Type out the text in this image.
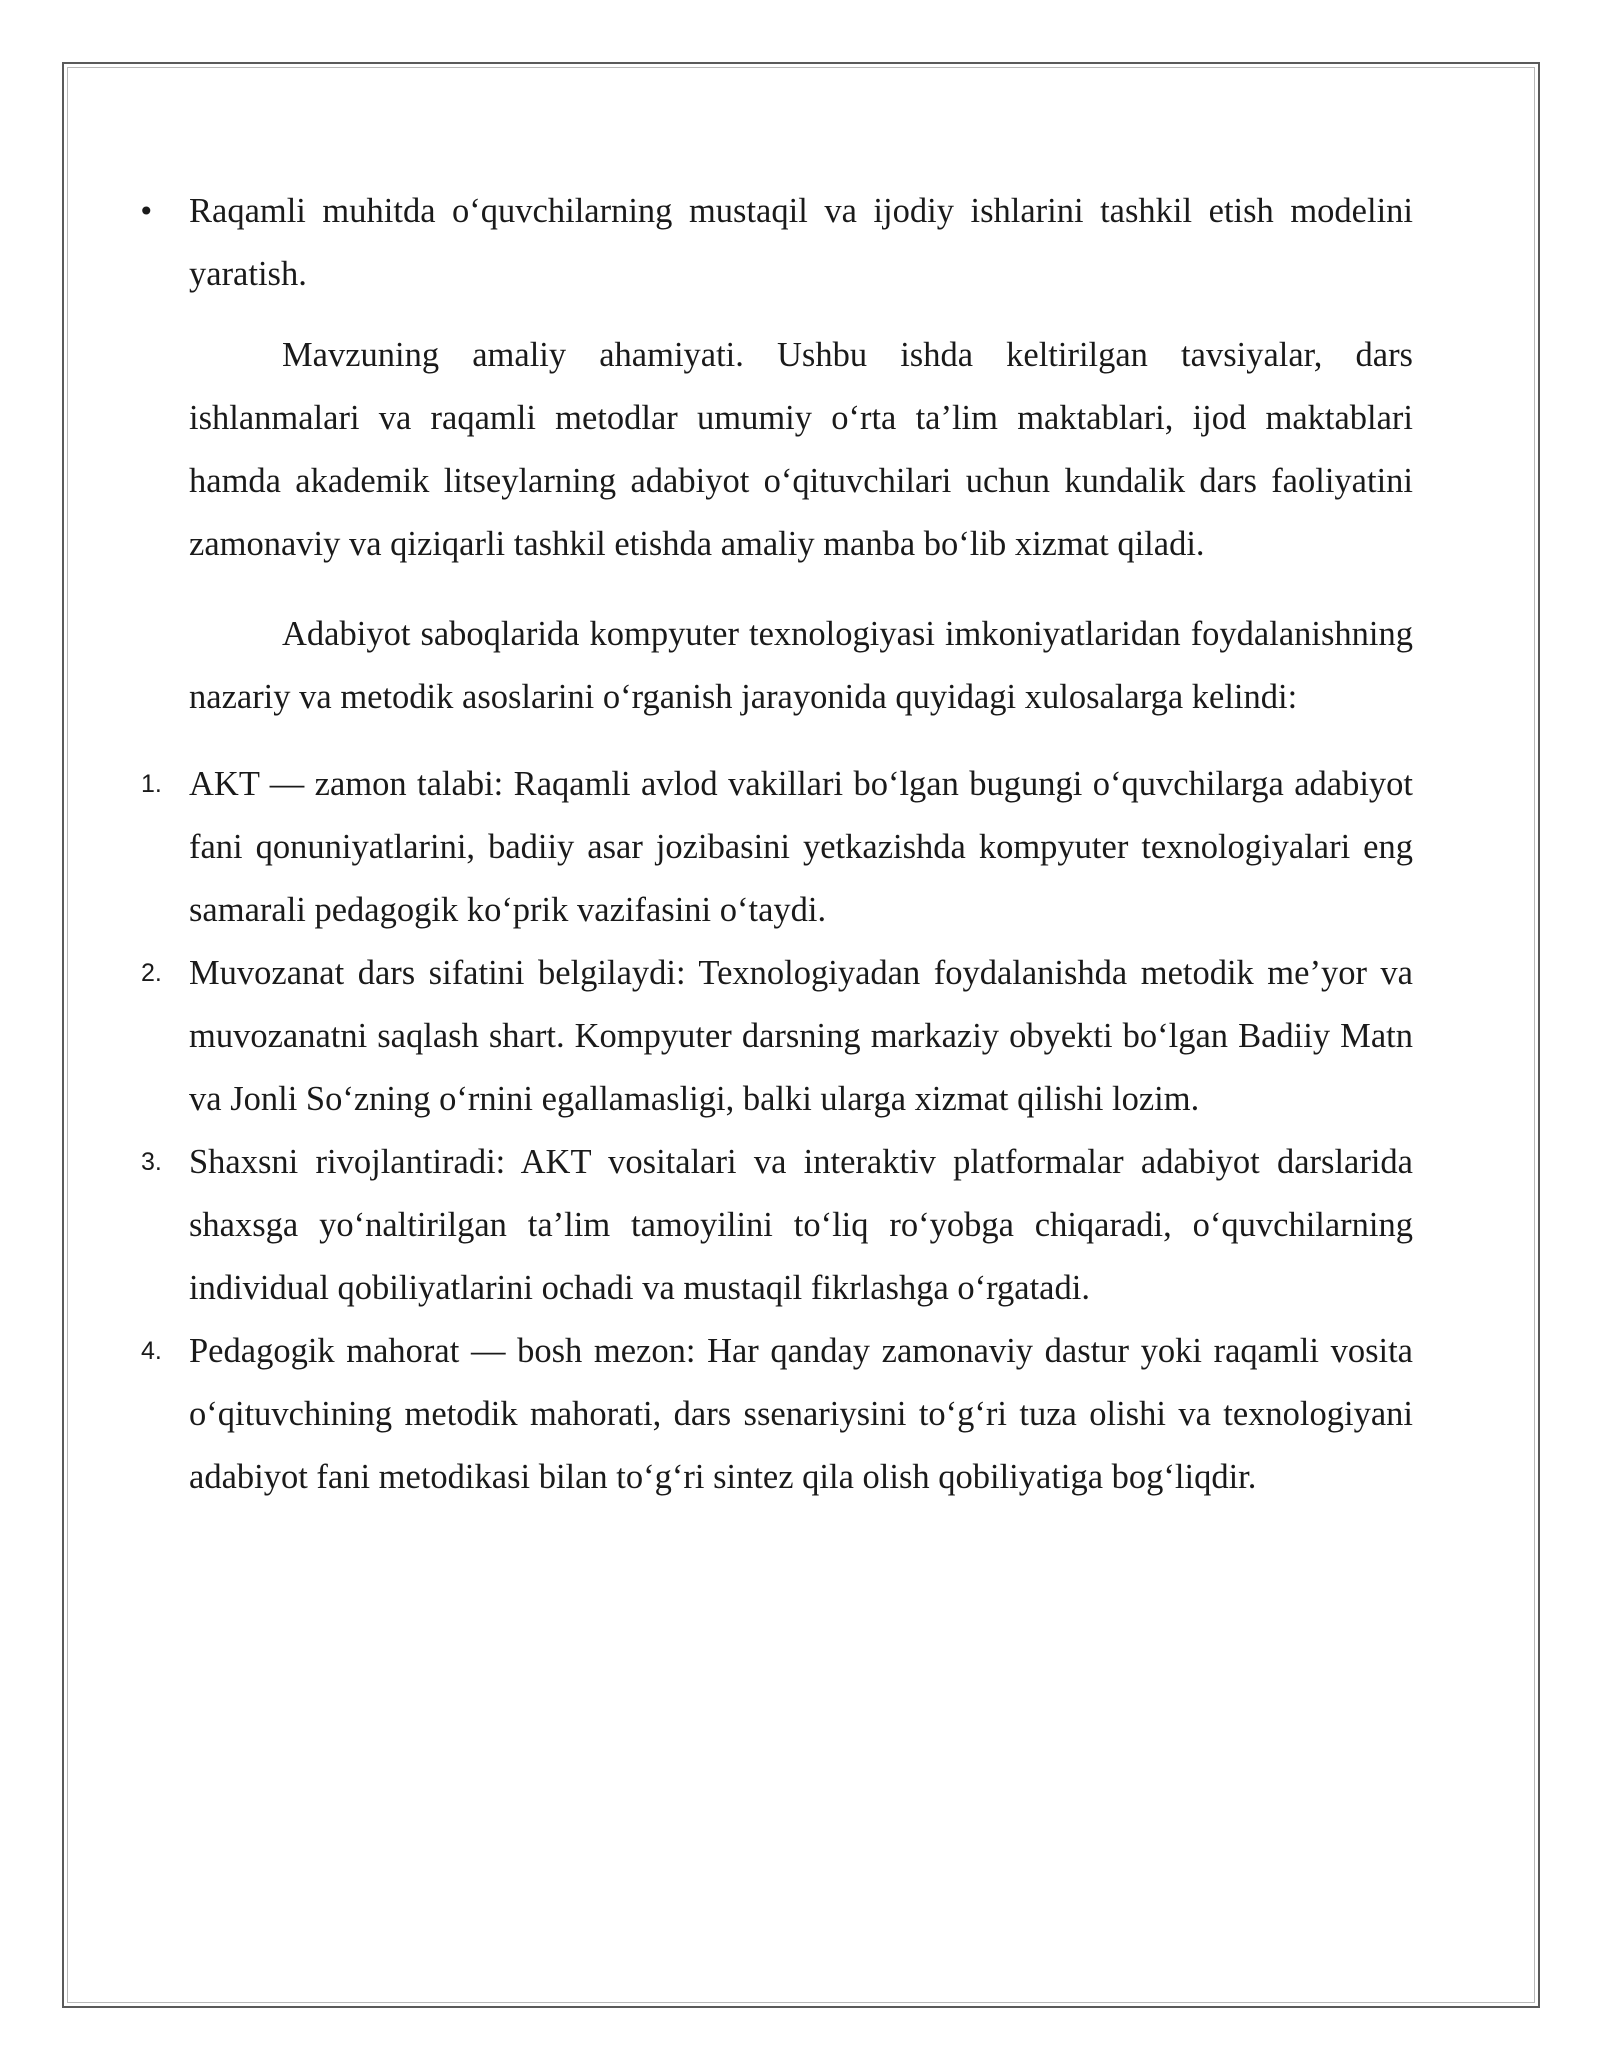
• Raqamli muhitda o‘quvchilarning mustaqil va ijodiy ishlarini tashkil etish modelini yaratish.

Mavzuning amaliy ahamiyati. Ushbu ishda keltirilgan tavsiyalar, dars ishlanmalari va raqamli metodlar umumiy o‘rta ta’lim maktablari, ijod maktablari hamda akademik litseylarning adabiyot o‘qituvchilari uchun kundalik dars faoliyatini zamonaviy va qiziqarli tashkil etishda amaliy manba bo‘lib xizmat qiladi.

Adabiyot saboqlarida kompyuter texnologiyasi imkoniyatlaridan foydalanishning nazariy va metodik asoslarini o‘rganish jarayonida quyidagi xulosalarga kelindi:

1. AKT — zamon talabi: Raqamli avlod vakillari bo‘lgan bugungi o‘quvchilarga adabiyot fani qonuniyatlarini, badiiy asar jozibasini yetkazishda kompyuter texnologiyalari eng samarali pedagogik ko‘prik vazifasini o‘taydi.
2. Muvozanat dars sifatini belgilaydi: Texnologiyadan foydalanishda metodik me’yor va muvozanatni saqlash shart. Kompyuter darsning markaziy obyekti bo‘lgan Badiiy Matn va Jonli So‘zning o‘rnini egallamasligi, balki ularga xizmat qilishi lozim.
3. Shaxsni rivojlantiradi: AKT vositalari va interaktiv platformalar adabiyot darslarida shaxsga yo‘naltirilgan ta’lim tamoyilini to‘liq ro‘yobga chiqaradi, o‘quvchilarning individual qobiliyatlarini ochadi va mustaqil fikrlashga o‘rgatadi.
4. Pedagogik mahorat — bosh mezon: Har qanday zamonaviy dastur yoki raqamli vosita o‘qituvchining metodik mahorati, dars ssenariysini to‘g‘ri tuza olishi va texnologiyani adabiyot fani metodikasi bilan to‘g‘ri sintez qila olish qobiliyatiga bog‘liqdir.
